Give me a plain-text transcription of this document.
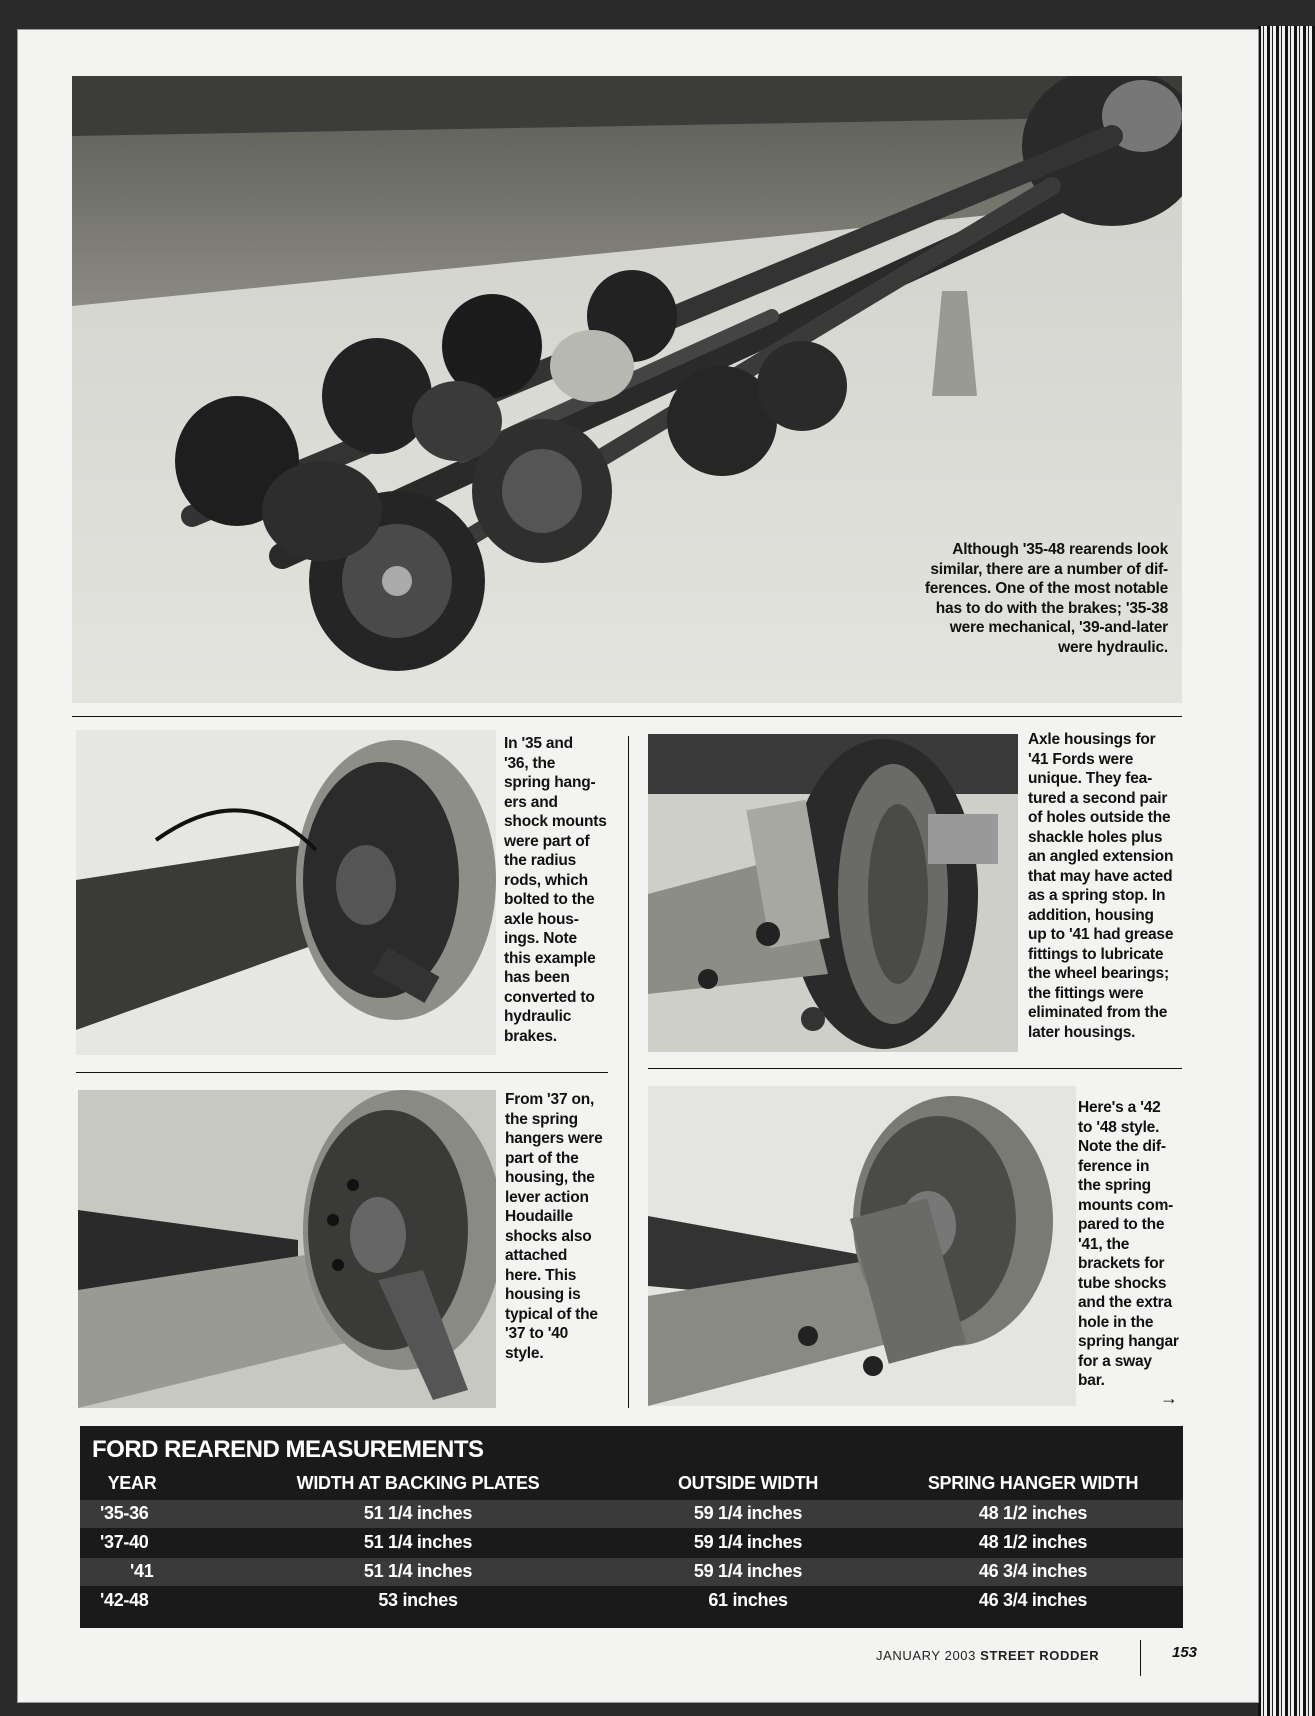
Although '35-48 rearends look
similar, there are a number of dif-
ferences. One of the most notable
has to do with the brakes; '35-38
were mechanical, '39-and-later
were hydraulic.
In '35 and
'36, the
spring hang-
ers and
shock mounts
were part of
the radius
rods, which
bolted to the
axle hous-
ings. Note
this example
has been
converted to
hydraulic
brakes.
Axle housings for
'41 Fords were
unique. They fea-
tured a second pair
of holes outside the
shackle holes plus
an angled extension
that may have acted
as a spring stop. In
addition, housing
up to '41 had grease
fittings to lubricate
the wheel bearings;
the fittings were
eliminated from the
later housings.
From '37 on,
the spring
hangers were
part of the
housing, the
lever action
Houdaille
shocks also
attached
here. This
housing is
typical of the
'37 to '40
style.
Here's a '42
to '48 style.
Note the dif-
ference in
the spring
mounts com-
pared to the
'41, the
brackets for
tube shocks
and the extra
hole in the
spring hangar
for a sway
bar.
→
FORD REAREND MEASUREMENTS
YEAR	WIDTH AT BACKING PLATES	OUTSIDE WIDTH	SPRING HANGER WIDTH
'35-36	51 1/4 inches	59 1/4 inches	48 1/2 inches
'37-40	51 1/4 inches	59 1/4 inches	48 1/2 inches
'41	51 1/4 inches	59 1/4 inches	46 3/4 inches
'42-48	53 inches	61 inches	46 3/4 inches
JANUARY 2003 STREET RODDER	153
